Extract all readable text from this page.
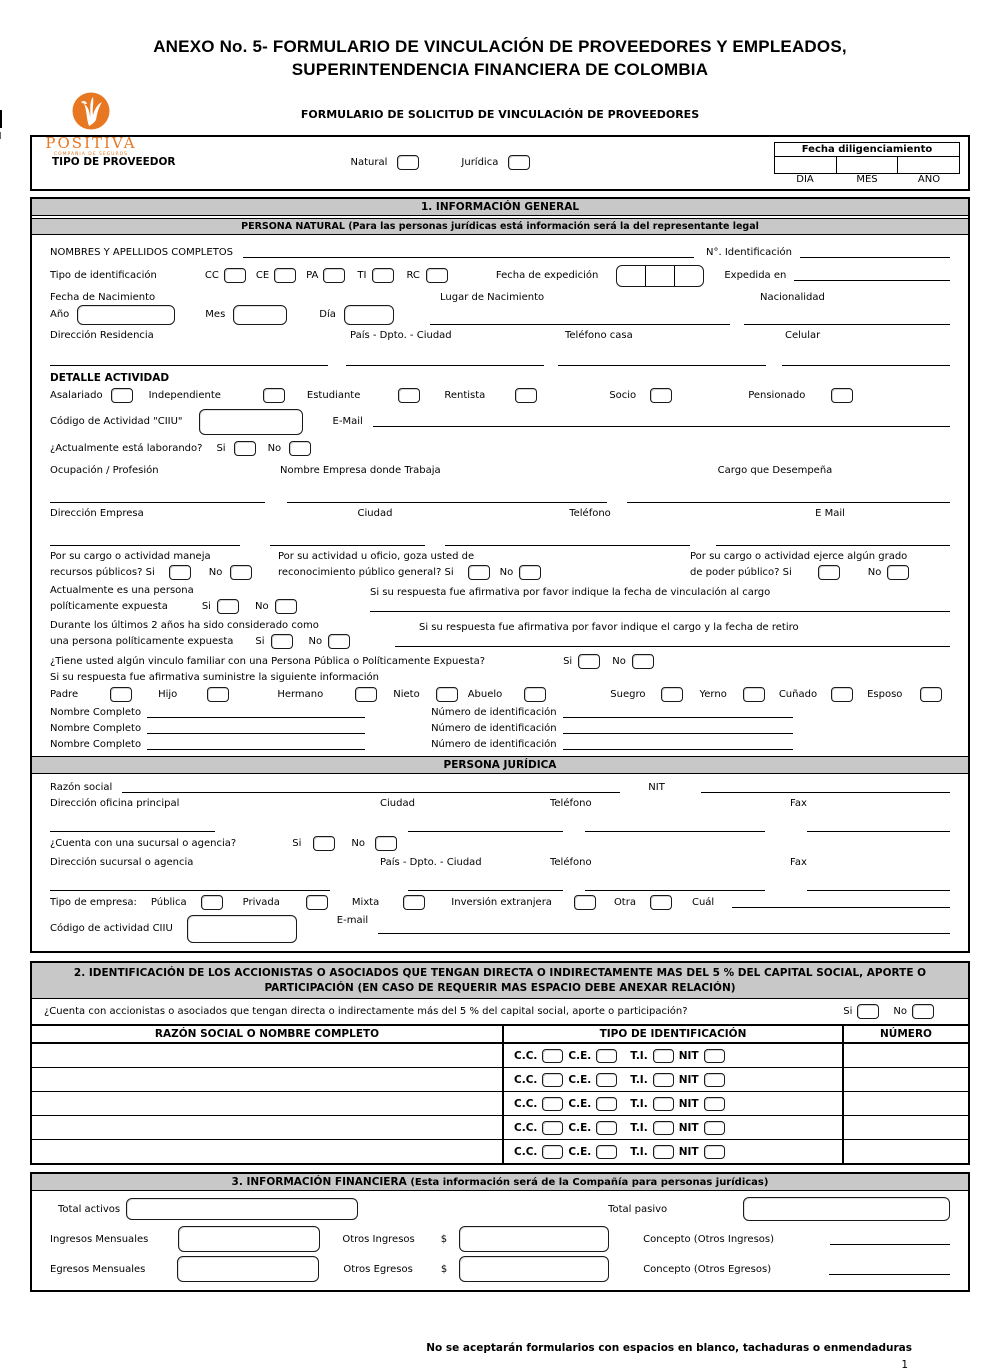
ANEXO No. 5- FORMULARIO DE VINCULACIÓN DE PROVEEDORES Y EMPLEADOS,
SUPERINTENDENCIA FINANCIERA DE COLOMBIA
POSITIVA
COMPAÑIA DE SEGUROS
FORMULARIO DE SOLICITUD DE VINCULACIÓN DE PROVEEDORES
TIPO DE PROVEEDOR	Natural	Jurídica
Fecha diligenciamiento
DIA	MES	AÑO
1. INFORMACIÓN GENERAL
PERSONA NATURAL (Para las personas jurídicas está información será la del representante legal
NOMBRES Y APELLIDOS COMPLETOS	N°. Identificación
Tipo de identificación	CC	CE	PA	TI	RC	Fecha de expedición	Expedida en
Fecha de Nacimiento	Lugar de Nacimiento	Nacionalidad
Año	Mes	Día
Dirección Residencia	País - Dpto. - Ciudad	Teléfono casa	Celular
DETALLE ACTIVIDAD
Asalariado	Independiente	Estudiante	Rentista	Socio	Pensionado
Código de Actividad "CIIU"	E-Mail
¿Actualmente está laborando? Si	No
Ocupación / Profesión	Nombre Empresa donde Trabaja	Cargo que Desempeña
Dirección Empresa	Ciudad	Teléfono	E Mail
Por su cargo o actividad maneja
recursos públicos? Si	No
Por su actividad u oficio, goza usted de
reconocimiento público general? Si	No
Por su cargo o actividad ejerce algún grado
de poder público? Si	No
Actualmente es una persona
políticamente expuesta	Si	No
Si su respuesta fue afirmativa por favor indique la fecha de vinculación al cargo
Durante los últimos 2 años ha sido considerado como
una persona políticamente expuesta Si	No
Si su respuesta fue afirmativa por favor indique el cargo y la fecha de retiro
¿Tiene usted algún vinculo familiar con una Persona Pública o Políticamente Expuesta?	Si	No
Si su respuesta fue afirmativa suministre la siguiente información
Padre	Hijo	Hermano	Nieto	Abuelo	Suegro	Yerno	Cuñado	Esposo
Nombre Completo	Número de identificación
Nombre Completo	Número de identificación
Nombre Completo	Número de identificación
PERSONA JURÍDICA
Razón social	NIT
Dirección oficina principal	Ciudad	Teléfono	Fax
¿Cuenta con una sucursal o agencia?	Si	No
Dirección sucursal o agencia	País - Dpto. - Ciudad	Teléfono	Fax
Tipo de empresa: Pública	Privada	Mixta	Inversión extranjera	Otra	Cuál
Código de actividad CIIU
E-mail
2. IDENTIFICACIÓN DE LOS ACCIONISTAS O ASOCIADOS QUE TENGAN DIRECTA O INDIRECTAMENTE MAS DEL 5 % DEL CAPITAL SOCIAL, APORTE O
PARTICIPACIÓN (EN CASO DE REQUERIR MAS ESPACIO DEBE ANEXAR RELACIÓN)
¿Cuenta con accionistas o asociados que tengan directa o indirectamente más del 5 % del capital social, aporte o participación?	Si	No
RAZÓN SOCIAL O NOMBRE COMPLETO	TIPO DE IDENTIFICACIÓN	NÚMERO
C.C.	C.E.	T.I.	NIT
C.C.	C.E.	T.I.	NIT
C.C.	C.E.	T.I.	NIT
C.C.	C.E.	T.I.	NIT
C.C.	C.E.	T.I.	NIT
3. INFORMACIÓN FINANCIERA (Esta información será de la Compañía para personas jurídicas)
Total activos	Total pasivo
Ingresos Mensuales	Otros Ingresos	$	Concepto (Otros Ingresos)
Egresos Mensuales	Otros Egresos	$	Concepto (Otros Egresos)
No se aceptarán formularios con espacios en blanco, tachaduras o enmendaduras
1
